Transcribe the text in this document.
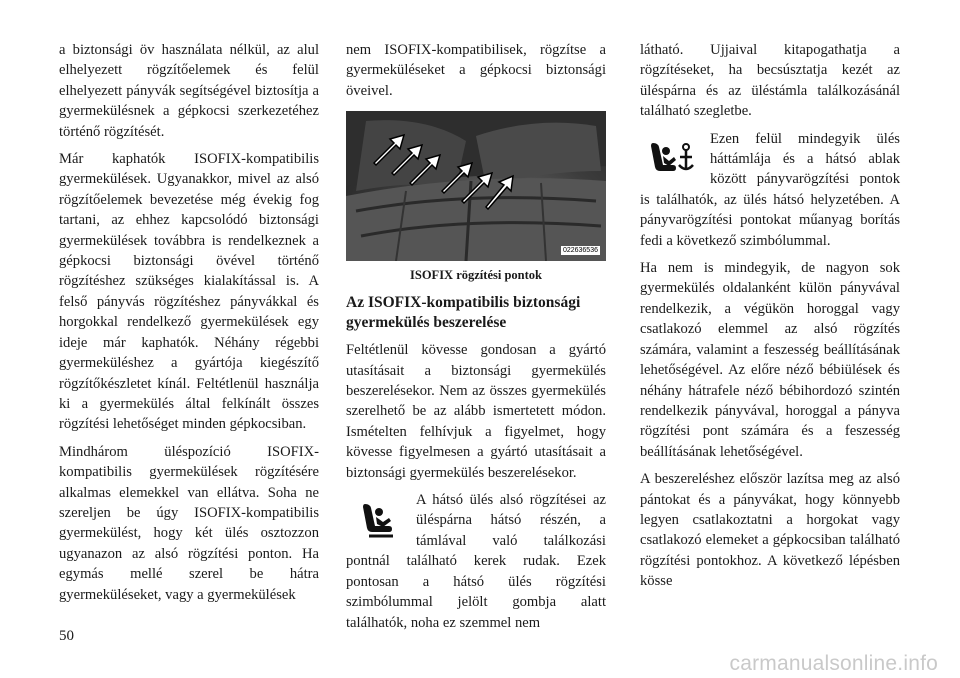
a biztonsági öv használata nélkül, az alul elhelyezett rögzítőelemek és felül elhelyezett pányvák segítségével biztosítja a gyermekülésnek a gépkocsi szerkezetéhez történő rögzítését.

Már kaphatók ISOFIX-kompatibilis gyermekülések. Ugyanakkor, mivel az alsó rögzítőelemek bevezetése még évekig fog tartani, az ehhez kapcsolódó biztonsági gyermekülések továbbra is rendelkeznek a gépkocsi biztonsági övével történő rögzítéshez szükséges kialakítással is. A felső pányvás rögzítéshez pányvákkal és horgokkal rendelkező gyermekülések egy ideje már kaphatók. Néhány régebbi gyermeküléshez a gyártója kiegészítő rögzítőkészletet kínál. Feltétlenül használja ki a gyermekülés által felkínált összes rögzítési lehetőséget minden gépkocsiban.

Mindhárom üléspozíció ISOFIX-kompatibilis gyermekülések rögzítésére alkalmas elemekkel van ellátva. Soha ne szereljen be úgy ISOFIX-kompatibilis gyermekülést, hogy két ülés osztozzon ugyanazon az alsó rögzítési ponton. Ha egymás mellé szerel be hátra gyermeküléseket, vagy a gyermekülések

nem ISOFIX-kompatibilisek, rögzítse a gyermeküléseket a gépkocsi biztonsági öveivel.

022636536
ISOFIX rögzítési pontok

Az ISOFIX-kompatibilis biztonsági gyermekülés beszerelése

Feltétlenül kövesse gondosan a gyártó utasításait a biztonsági gyermekülés beszerelésekor. Nem az összes gyermekülés szerelhető be az alább ismertetett módon. Ismételten felhívjuk a figyelmet, hogy kövesse figyelmesen a gyártó utasításait a biztonsági gyermekülés beszerelésekor.

A hátsó ülés alsó rögzítései az üléspárna hátsó részén, a támlával való találkozási pontnál található kerek rudak. Ezek pontosan a hátsó ülés rögzítési szimbólummal jelölt gombja alatt találhatók, noha ez szemmel nem

látható. Ujjaival kitapogathatja a rögzítéseket, ha becsúsztatja kezét az üléspárna és az üléstámla találkozásánál található szegletbe.

Ezen felül mindegyik ülés háttámlája és a hátsó ablak között pányvarögzítési pontok is találhatók, az ülés hátsó helyzetében. A pányvarögzítési pontokat műanyag borítás fedi a következő szimbólummal.

Ha nem is mindegyik, de nagyon sok gyermekülés oldalanként külön pányvával rendelkezik, a végükön horoggal vagy csatlakozó elemmel az alsó rögzítés számára, valamint a feszesség beállításának lehetőségével. Az előre néző bébiülések és néhány hátrafele néző bébihordozó szintén rendelkezik pányvával, horoggal a pányva rögzítési pont számára és a feszesség beállításának lehetőségével.

A beszereléshez először lazítsa meg az alsó pántokat és a pányvákat, hogy könnyebb legyen csatlakoztatni a horgokat vagy csatlakozó elemeket a gépkocsiban található rögzítési pontokhoz. A következő lépésben kösse

50
carmanualsonline.info
